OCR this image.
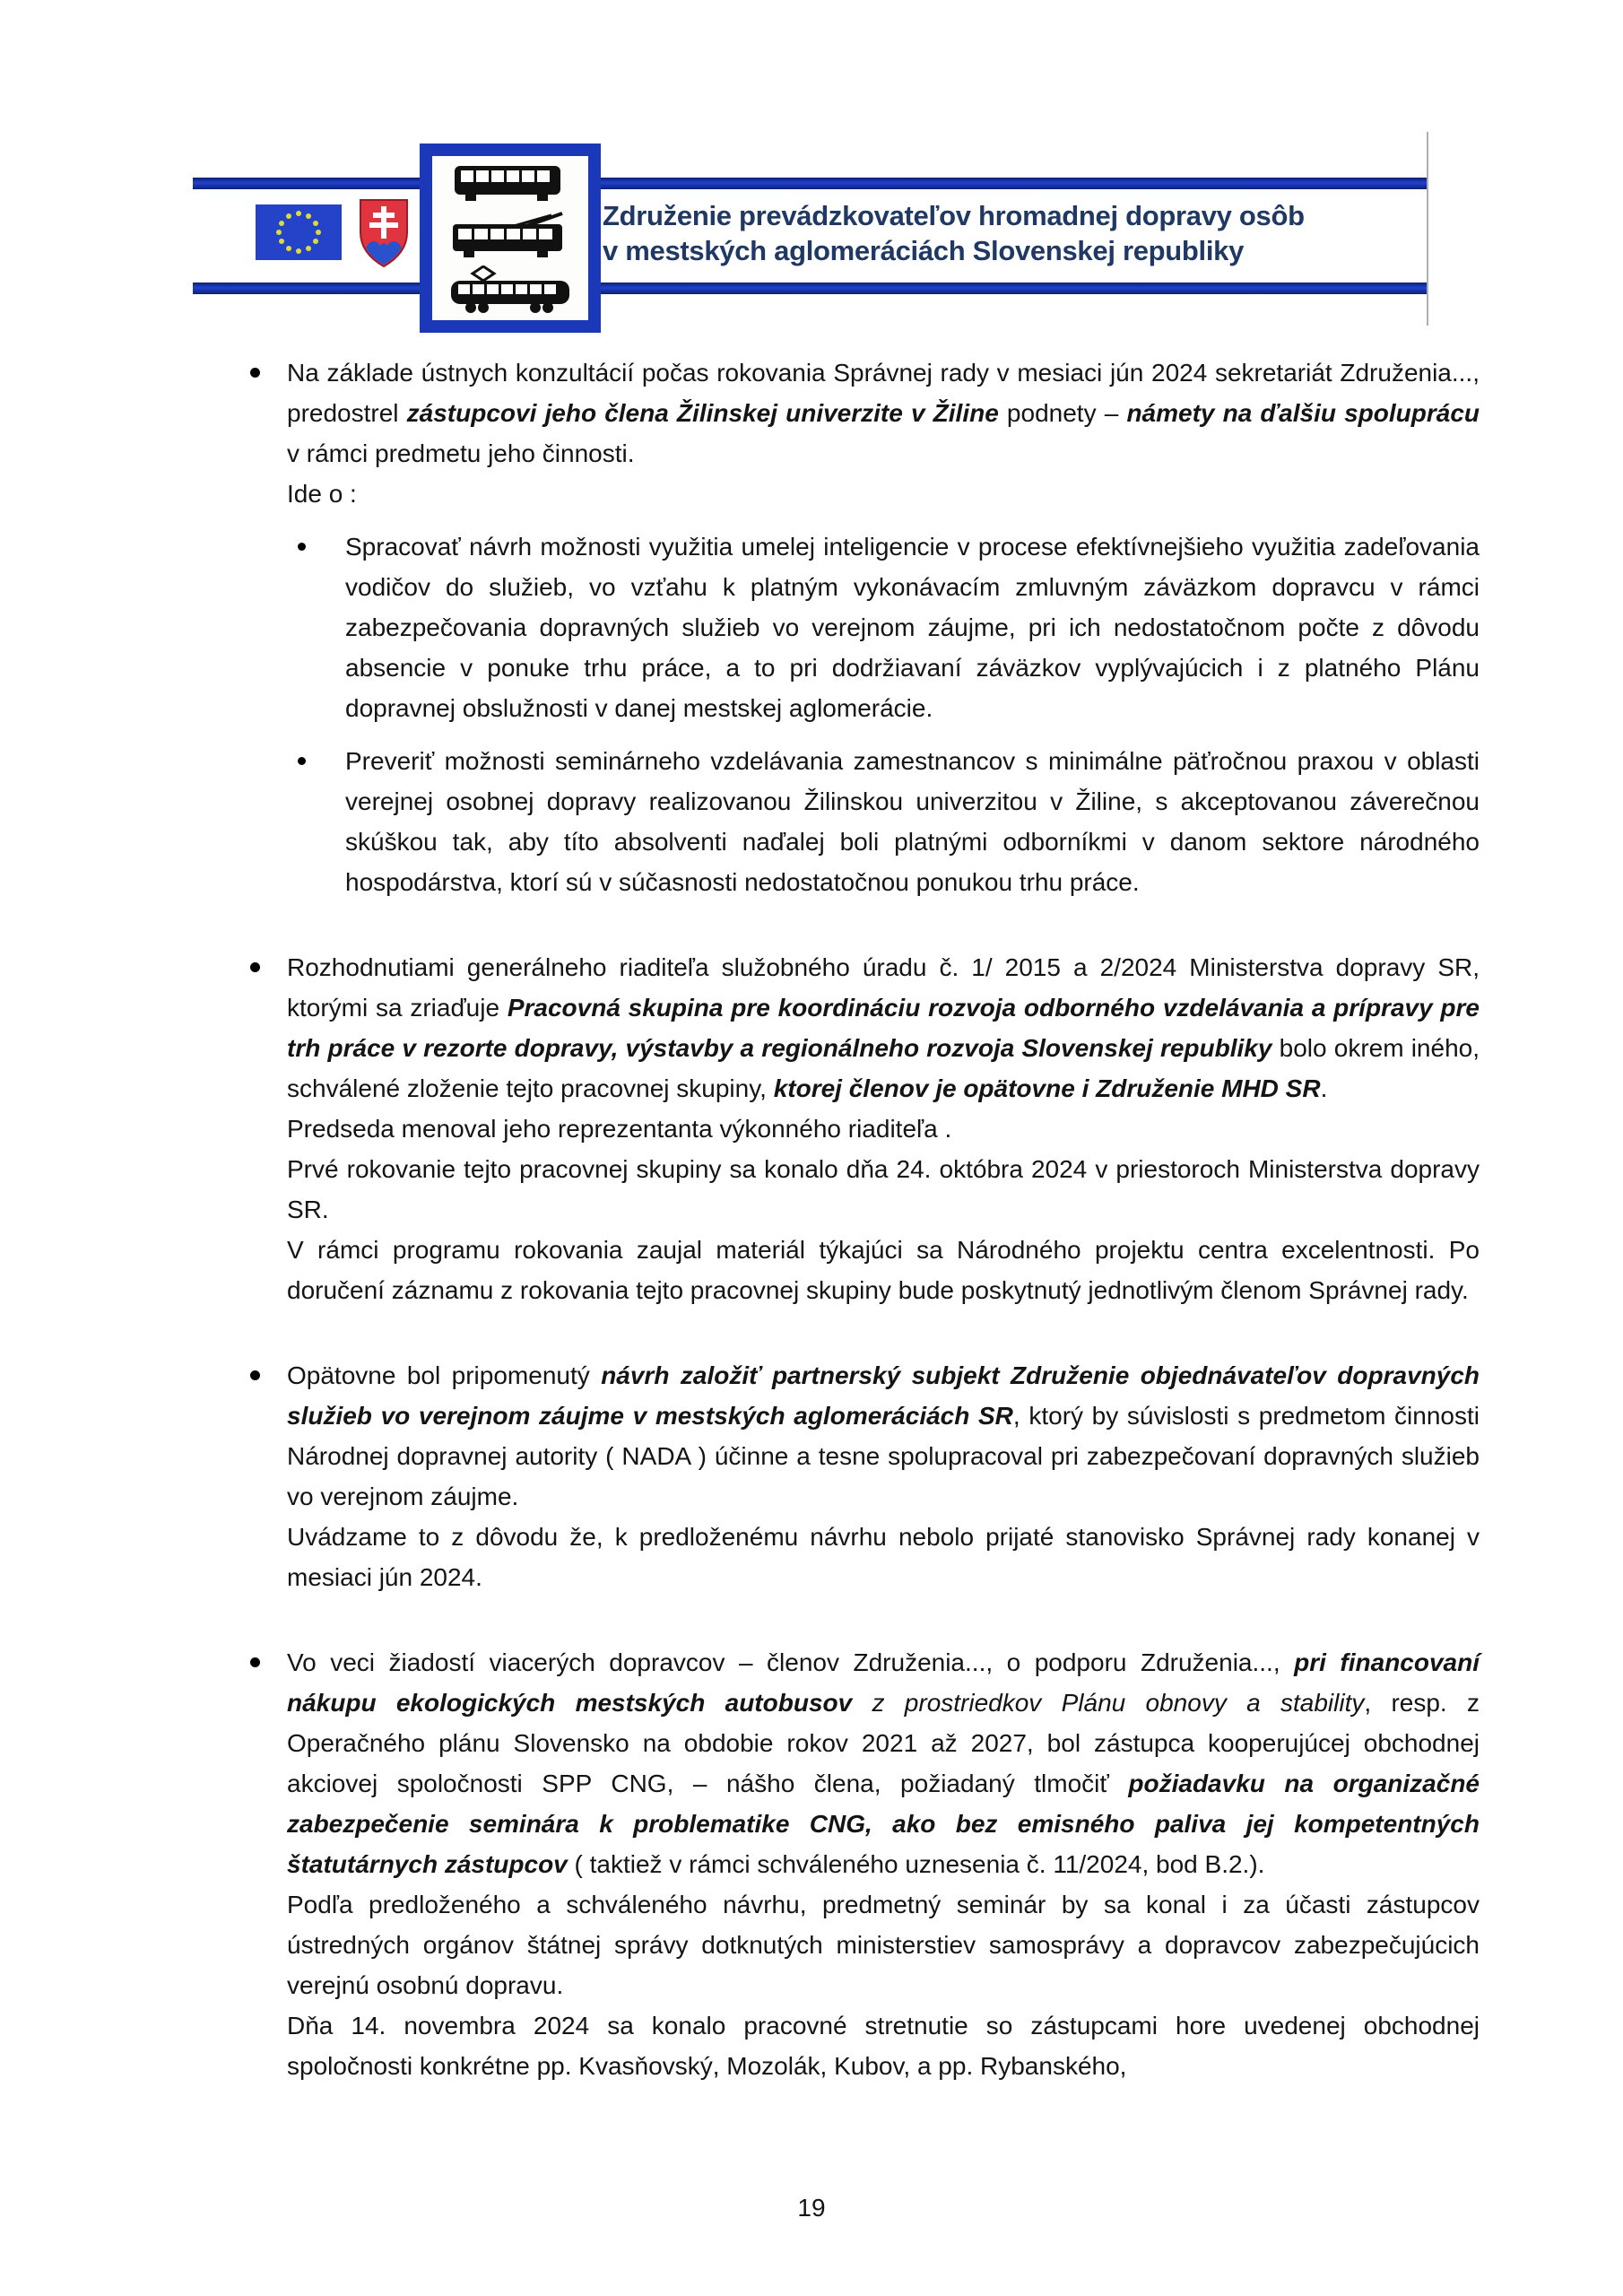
Združenie prevádzkovateľov hromadnej dopravy osôb
v mestských aglomeráciách Slovenskej republiky
Na základe ústnych konzultácií počas rokovania Správnej rady v mesiaci jún 2024 sekretariát Združenia..., predostrel zástupcovi jeho člena Žilinskej univerzite v Žiline podnety – námety na ďalšiu spoluprácu v rámci predmetu jeho činnosti.
Ide o :
Spracovať návrh možnosti využitia umelej inteligencie v procese efektívnejšieho využitia zadeľovania vodičov do služieb, vo vzťahu k platným vykonávacím zmluvným záväzkom dopravcu v rámci zabezpečovania dopravných služieb vo verejnom záujme, pri ich nedostatočnom počte z dôvodu absencie v ponuke trhu práce, a to pri dodržiavaní záväzkov vyplývajúcich i z platného Plánu dopravnej obslužnosti v danej mestskej aglomerácie.
Preveriť možnosti seminárneho vzdelávania zamestnancov s minimálne päťročnou praxou v oblasti verejnej osobnej dopravy realizovanou Žilinskou univerzitou v Žiline, s akceptovanou záverečnou skúškou tak, aby títo absolventi naďalej boli platnými odborníkmi v danom sektore národného hospodárstva, ktorí sú v súčasnosti nedostatočnou ponukou trhu práce.
Rozhodnutiami generálneho riaditeľa služobného úradu č. 1/ 2015 a 2/2024 Ministerstva dopravy SR, ktorými sa zriaďuje Pracovná skupina pre koordináciu rozvoja odborného vzdelávania a prípravy pre trh práce v rezorte dopravy, výstavby a regionálneho rozvoja Slovenskej republiky bolo okrem iného, schválené zloženie tejto pracovnej skupiny, ktorej členov je opätovne i Združenie MHD SR.
Predseda menoval jeho reprezentanta výkonného riaditeľa .
Prvé rokovanie tejto pracovnej skupiny sa konalo dňa 24. októbra 2024 v priestoroch Ministerstva dopravy SR.
V rámci programu rokovania zaujal materiál týkajúci sa Národného projektu centra excelentnosti. Po doručení záznamu z rokovania tejto pracovnej skupiny bude poskytnutý jednotlivým členom Správnej rady.
Opätovne bol pripomenutý návrh založiť partnerský subjekt Združenie objednávateľov dopravných služieb vo verejnom záujme v mestských aglomeráciách SR, ktorý by súvislosti s predmetom činnosti Národnej dopravnej autority ( NADA ) účinne a tesne spolupracoval pri zabezpečovaní dopravných služieb vo verejnom záujme.
Uvádzame to z dôvodu že, k predloženému návrhu nebolo prijaté stanovisko Správnej rady konanej v mesiaci jún 2024.
Vo veci žiadostí viacerých dopravcov – členov Združenia..., o podporu Združenia..., pri financovaní nákupu ekologických mestských autobusov z prostriedkov Plánu obnovy a stability, resp. z Operačného plánu Slovensko na obdobie rokov 2021 až 2027, bol zástupca kooperujúcej obchodnej akciovej spoločnosti SPP CNG, – nášho člena, požiadaný tlmočiť požiadavku na organizačné zabezpečenie seminára k problematike CNG, ako bez emisného paliva jej kompetentných štatutárnych zástupcov ( taktiež v rámci schváleného uznesenia č. 11/2024, bod B.2.).
Podľa predloženého a schváleného návrhu, predmetný seminár by sa konal i za účasti zástupcov ústredných orgánov štátnej správy dotknutých ministerstiev samosprávy a dopravcov zabezpečujúcich verejnú osobnú dopravu.
Dňa 14. novembra 2024 sa konalo pracovné stretnutie so zástupcami hore uvedenej obchodnej spoločnosti konkrétne pp. Kvasňovský, Mozolák, Kubov, a pp. Rybanského,
19
